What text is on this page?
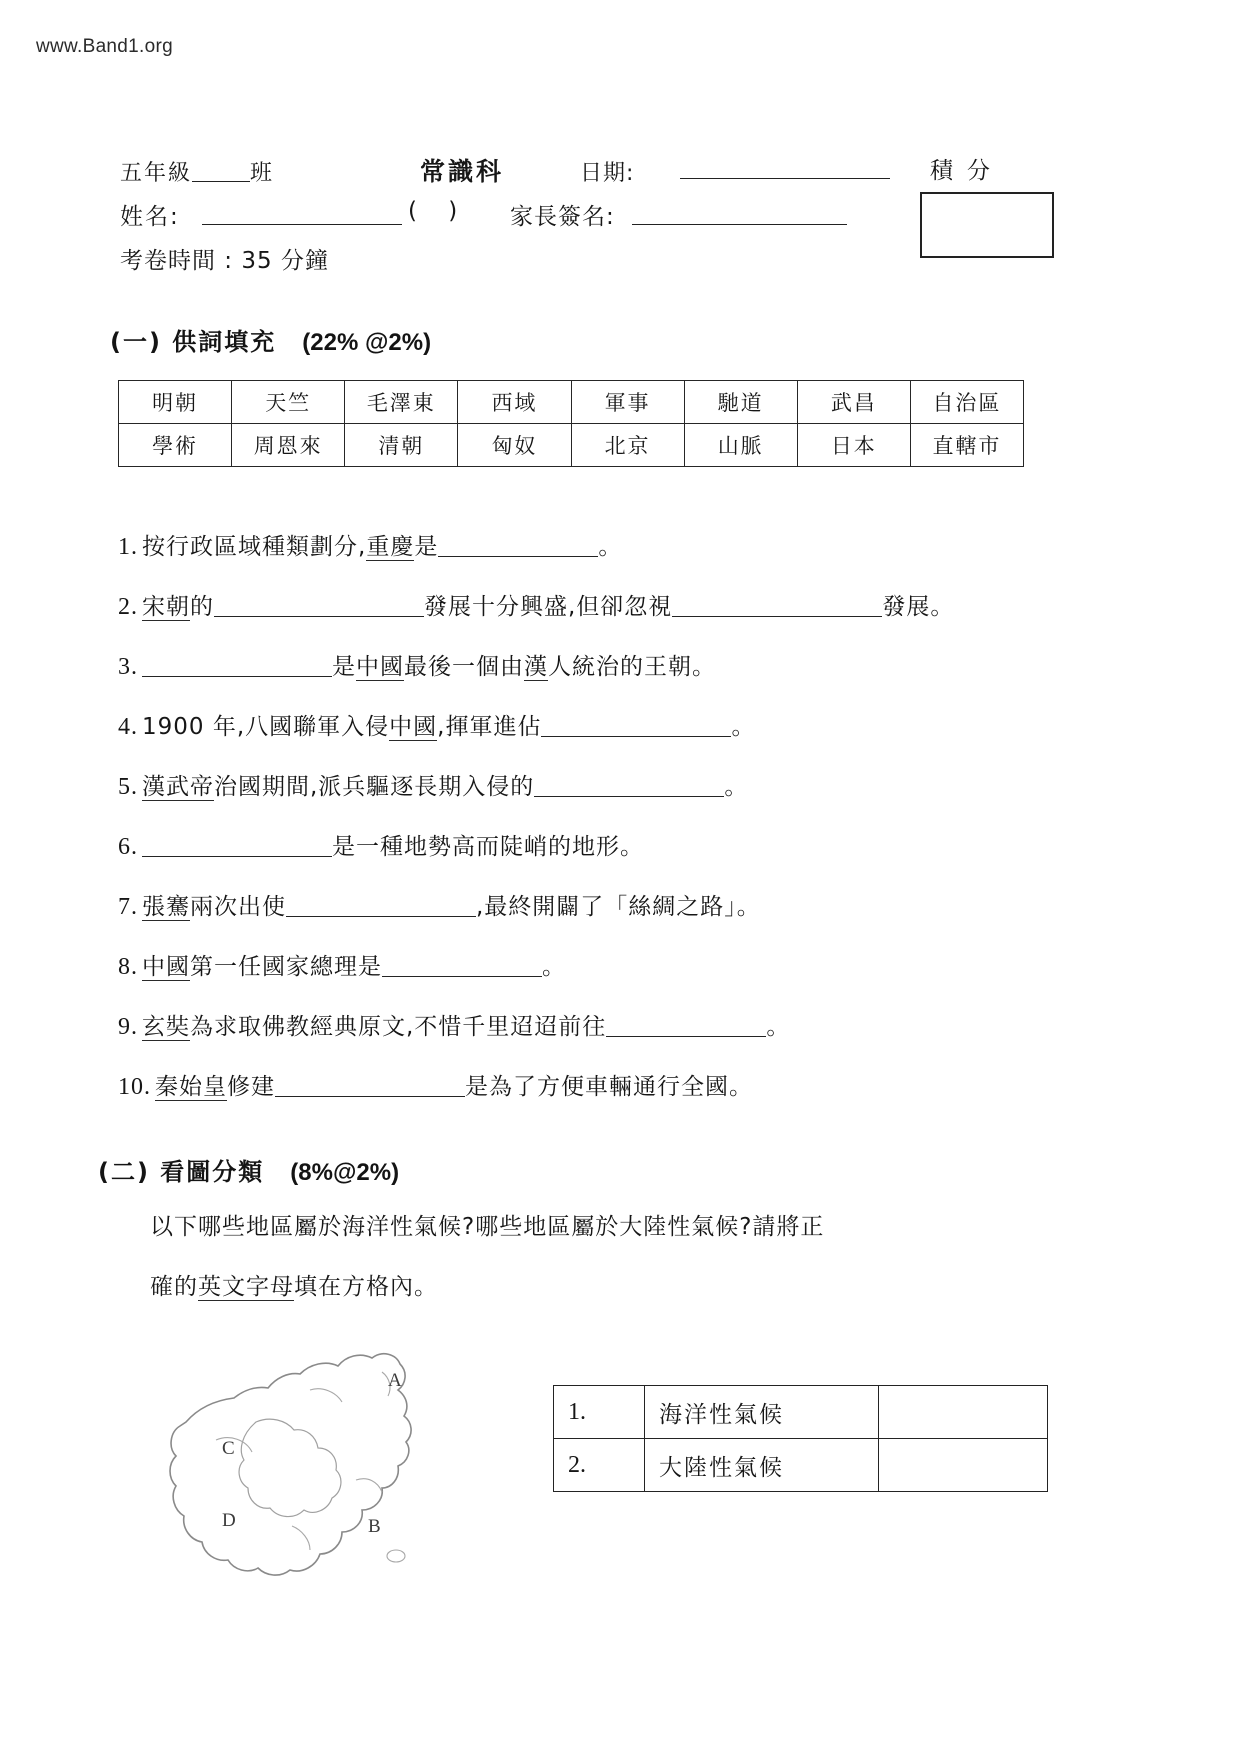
www.Band1.org
五年級	班	常識科	日期:	積分
姓名:	( ) 家長簽名:
考卷時間 : 35 分鐘
(一) 供詞填充 (22% @2%)
明朝	天竺	毛澤東	西域	軍事	馳道	武昌	自治區
學術	周恩來	清朝	匈奴	北京	山脈	日本	直轄市
1. 按行政區域種類劃分,重慶是	。
2. 宋朝的	發展十分興盛,但卻忽視	發展。
3.	是中國最後一個由漢人統治的王朝。
4. 1900 年,八國聯軍入侵中國,揮軍進佔	。
5. 漢武帝治國期間,派兵驅逐長期入侵的	。
6.	是一種地勢高而陡峭的地形。
7. 張騫兩次出使	,最終開闢了「絲綢之路」。
8. 中國第一任國家總理是	。
9. 玄奘為求取佛教經典原文,不惜千里迢迢前往	。
10. 秦始皇修建	是為了方便車輛通行全國。
(二) 看圖分類 (8%@2%)
以下哪些地區屬於海洋性氣候?哪些地區屬於大陸性氣候?請將正
確的英文字母填在方格內。
A
B
C
D
1.	海洋性氣候	
2.	大陸性氣候	
